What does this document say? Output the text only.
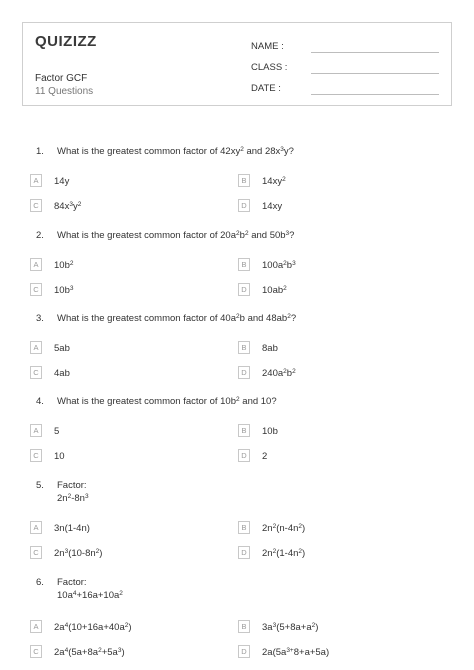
QUIZIZZ
Factor GCF
11 Questions
NAME :
CLASS :
DATE :
1. What is the greatest common factor of $42xy^2$ and $28x^3y$?
A	14y	B	$14xy^2$
C	$84x^3y^2$	D	14xy
2. What is the greatest common factor of $20a^2b^2$ and $50b^3$?
A	$10b^2$	B	$100a^2b^3$
C	$10b^3$	D	$10ab^2$
3. What is the greatest common factor of $40a^2b$ and $48ab^2$?
A	5ab	B	8ab
C	4ab	D	$240a^2b^2$
4. What is the greatest common factor of $10b^2$ and 10?
A	5	B	10b
C	10	D	2
5. Factor:
$2n^2-8n^3$
A	3n(1-4n)	B	$2n^2(n-4n^2)$
C	$2n^3(10-8n^2)$	D	$2n^2(1-4n^2)$
6. Factor:
$10a^4+16a+10a^2$
A	$2a^4(10+16a+40a^2)$	B	$3a^3(5+8a+a^2)$
C	$2a^4(5a+8a^2+5a^3)$	D	$2a(5a^{3+}8+a+5a)$
